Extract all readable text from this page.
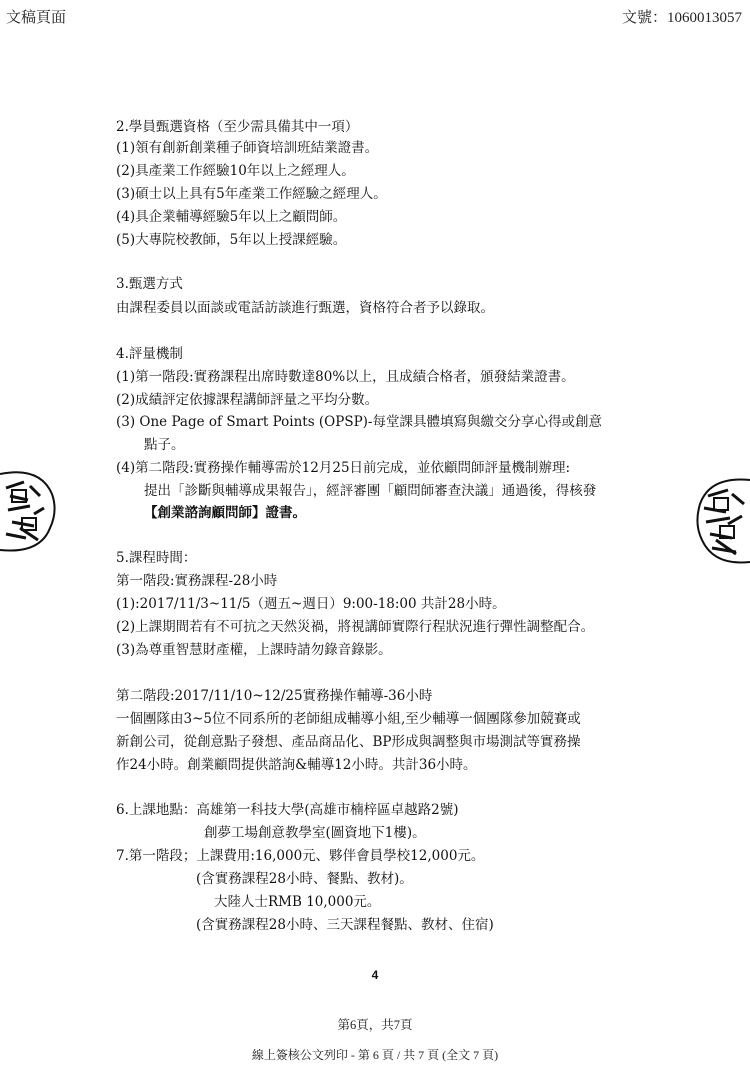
文稿頁面	文號：1060013057
2.學員甄選資格（至少需具備其中一項）
(1)領有創新創業種子師資培訓班結業證書。
(2)具產業工作經驗10年以上之經理人。
(3)碩士以上具有5年產業工作經驗之經理人。
(4)具企業輔導經驗5年以上之顧問師。
(5)大專院校教師，5年以上授課經驗。
3.甄選方式
由課程委員以面談或電話訪談進行甄選，資格符合者予以錄取。
4.評量機制
(1)第一階段:實務課程出席時數達80%以上，且成績合格者，頒發結業證書。
(2)成績評定依據課程講師評量之平均分數。
(3) One Page of Smart Points (OPSP)-每堂課具體填寫與繳交分享心得或創意
點子。
(4)第二階段:實務操作輔導需於12月25日前完成，並依顧問師評量機制辦理:
提出「診斷與輔導成果報告」，經評審團「顧問師審查決議」通過後，得核發
【創業諮詢顧問師】證書。
5.課程時間：
第一階段:實務課程-28小時
(1):2017/11/3~11/5（週五~週日）9:00-18:00 共計28小時。
(2)上課期間若有不可抗之天然災禍，將視講師實際行程狀況進行彈性調整配合。
(3)為尊重智慧財產權，上課時請勿錄音錄影。
第二階段:2017/11/10~12/25實務操作輔導-36小時
一個團隊由3~5位不同系所的老師組成輔導小組,至少輔導一個團隊參加競賽或
新創公司，從創意點子發想、產品商品化、BP形成與調整與市場測試等實務操
作24小時。創業顧問提供諮詢&輔導12小時。共計36小時。
6.上課地點：高雄第一科技大學(高雄市楠梓區卓越路2號)
創夢工場創意教學室(圖資地下1樓)。
7.第一階段；上課費用:16,000元、夥伴會員學校12,000元。
(含實務課程28小時、餐點、教材)。
大陸人士RMB 10,000元。
(含實務課程28小時、三天課程餐點、教材、住宿)
4
第6頁，共7頁
線上簽核公文列印 - 第 6 頁 / 共 7 頁 (全文 7 頁)
